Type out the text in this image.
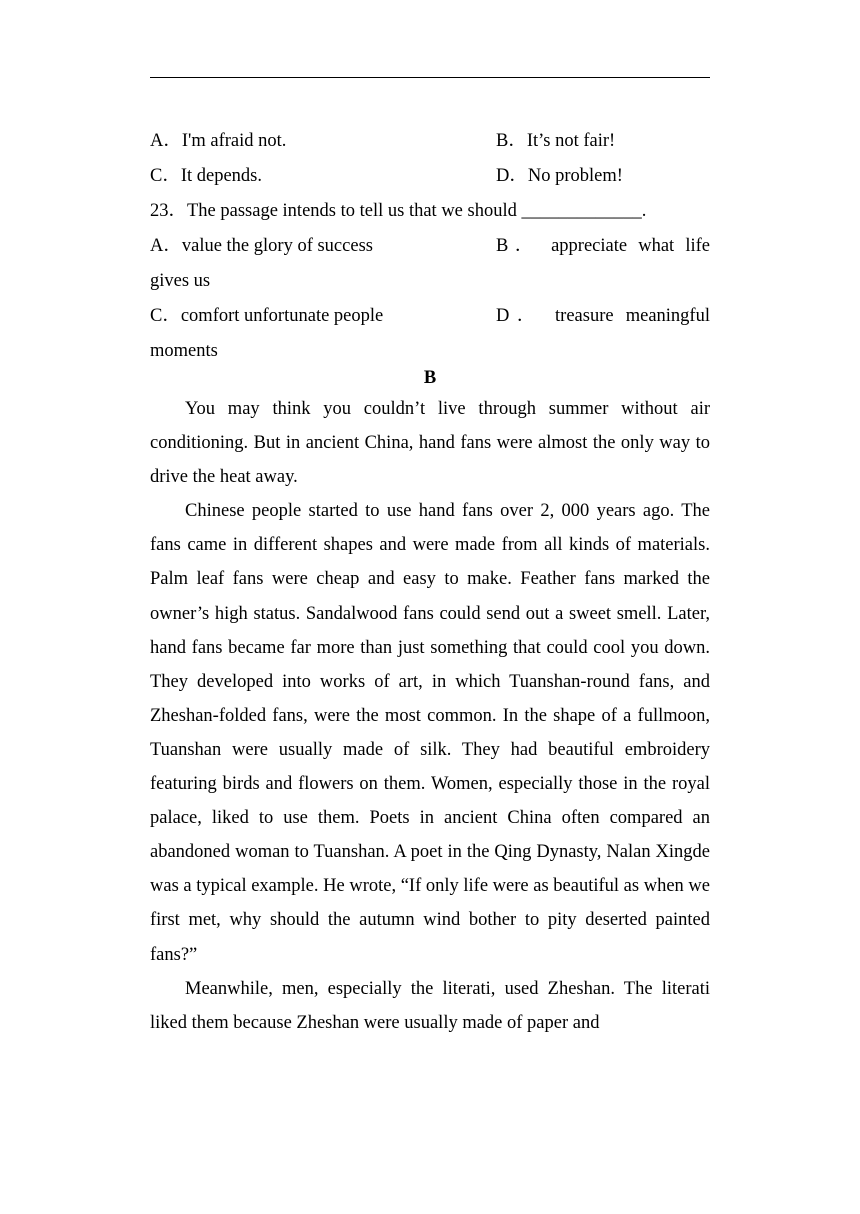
A．I'm afraid not.	B．It’s not fair!
C．It depends.	D．No problem!
23．The passage intends to tell us that we should _____________.
A．value the glory of success	B． appreciate what life
gives us
C．comfort unfortunate people	D． treasure meaningful
moments
B

You may think you couldn’t live through summer without air conditioning. But in ancient China, hand fans were almost the only way to drive the heat away.

Chinese people started to use hand fans over 2, 000 years ago. The fans came in different shapes and were made from all kinds of materials. Palm leaf fans were cheap and easy to make. Feather fans marked the owner’s high status. Sandalwood fans could send out a sweet smell. Later, hand fans became far more than just something that could cool you down. They developed into works of art, in which Tuanshan-round fans, and Zheshan-folded fans, were the most common. In the shape of a fullmoon, Tuanshan were usually made of silk. They had beautiful embroidery featuring birds and flowers on them. Women, especially those in the royal palace, liked to use them. Poets in ancient China often compared an abandoned woman to Tuanshan. A poet in the Qing Dynasty, Nalan Xingde was a typical example. He wrote, “If only life were as beautiful as when we first met, why should the autumn wind bother to pity deserted painted fans?”

Meanwhile, men, especially the literati, used Zheshan. The literati liked them because Zheshan were usually made of paper and
